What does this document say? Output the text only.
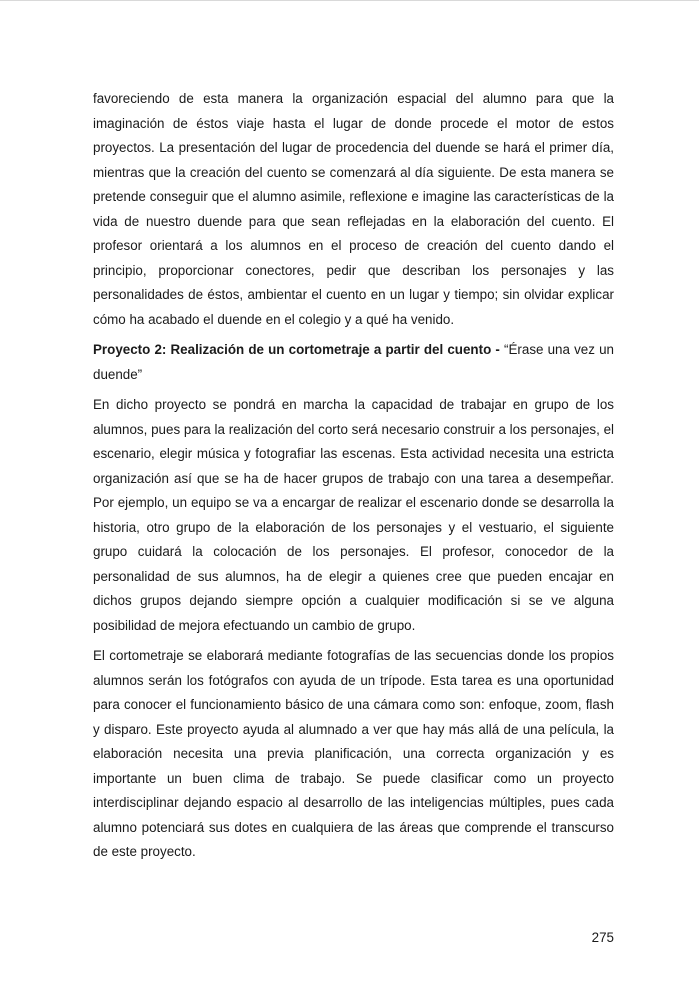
favoreciendo de esta manera la organización espacial del alumno para que la imaginación de éstos viaje hasta el lugar de donde procede el motor de estos proyectos. La presentación del lugar de procedencia del duende se hará el primer día, mientras que la creación del cuento se comenzará al día siguiente. De esta manera se pretende conseguir que el alumno asimile, reflexione e imagine las características de la vida de nuestro duende para que sean reflejadas en la elaboración del cuento. El profesor orientará a los alumnos en el proceso de creación del cuento dando el principio, proporcionar conectores, pedir que describan los personajes y las personalidades de éstos, ambientar el cuento en un lugar y tiempo; sin olvidar explicar cómo ha acabado el duende en el colegio y a qué ha venido.

Proyecto 2: Realización de un cortometraje a partir del cuento - “Érase una vez un duende”

En dicho proyecto se pondrá en marcha la capacidad de trabajar en grupo de los alumnos, pues para la realización del corto será necesario construir a los personajes, el escenario, elegir música y fotografiar las escenas. Esta actividad necesita una estricta organización así que se ha de hacer grupos de trabajo con una tarea a desempeñar. Por ejemplo, un equipo se va a encargar de realizar el escenario donde se desarrolla la historia, otro grupo de la elaboración de los personajes y el vestuario, el siguiente grupo cuidará la colocación de los personajes. El profesor, conocedor de la personalidad de sus alumnos, ha de elegir a quienes cree que pueden encajar en dichos grupos dejando siempre opción a cualquier modificación si se ve alguna posibilidad de mejora efectuando un cambio de grupo.

El cortometraje se elaborará mediante fotografías de las secuencias donde los propios alumnos serán los fotógrafos con ayuda de un trípode. Esta tarea es una oportunidad para conocer el funcionamiento básico de una cámara como son: enfoque, zoom, flash y disparo. Este proyecto ayuda al alumnado a ver que hay más allá de una película, la elaboración necesita una previa planificación, una correcta organización y es importante un buen clima de trabajo. Se puede clasificar como un proyecto interdisciplinar dejando espacio al desarrollo de las inteligencias múltiples, pues cada alumno potenciará sus dotes en cualquiera de las áreas que comprende el transcurso de este proyecto.

275
